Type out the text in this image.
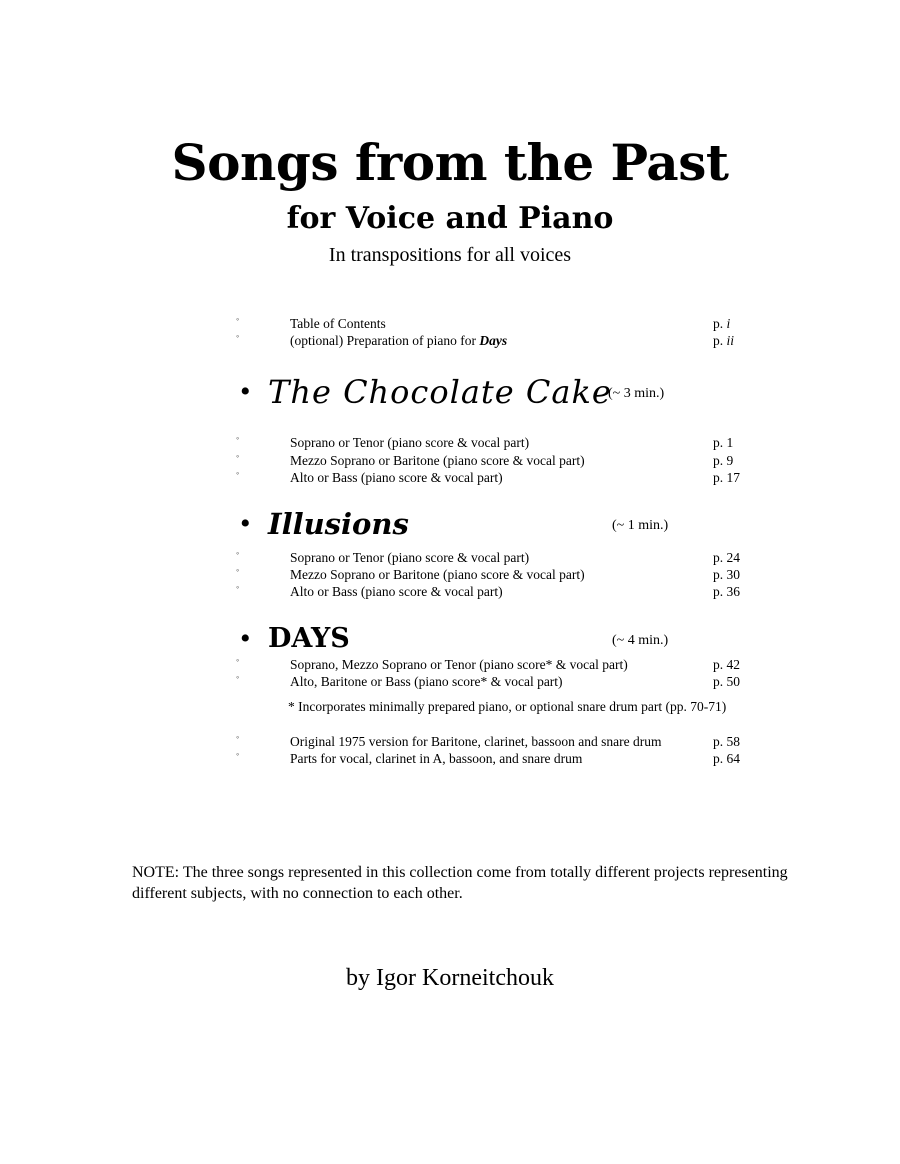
Songs from the Past
for Voice and Piano
In transpositions for all voices
◦	Table of Contents	p. i
◦	(optional) Preparation of piano for Days	p. ii
• The Chocolate Cake
(~ 3 min.)
◦	Soprano or Tenor (piano score & vocal part)	p. 1
◦	Mezzo Soprano or Baritone (piano score & vocal part)	p. 9
◦	Alto or Bass (piano score & vocal part)	p. 17
• Illusions	(~ 1 min.)
◦	Soprano or Tenor (piano score & vocal part)	p. 24
◦	Mezzo Soprano or Baritone (piano score & vocal part)	p. 30
◦	Alto or Bass (piano score & vocal part)	p. 36
• DAYS	(~ 4 min.)
◦	Soprano, Mezzo Soprano or Tenor (piano score* & vocal part)	p. 42
◦	Alto, Baritone or Bass (piano score* & vocal part)	p. 50
* Incorporates minimally prepared piano, or optional snare drum part (pp. 70-71)
◦	Original 1975 version for Baritone, clarinet, bassoon and snare drum	p. 58
◦	Parts for vocal, clarinet in A, bassoon, and snare drum	p. 64
NOTE: The three songs represented in this collection come from totally different projects representing different subjects, with no connection to each other.
by Igor Korneitchouk
